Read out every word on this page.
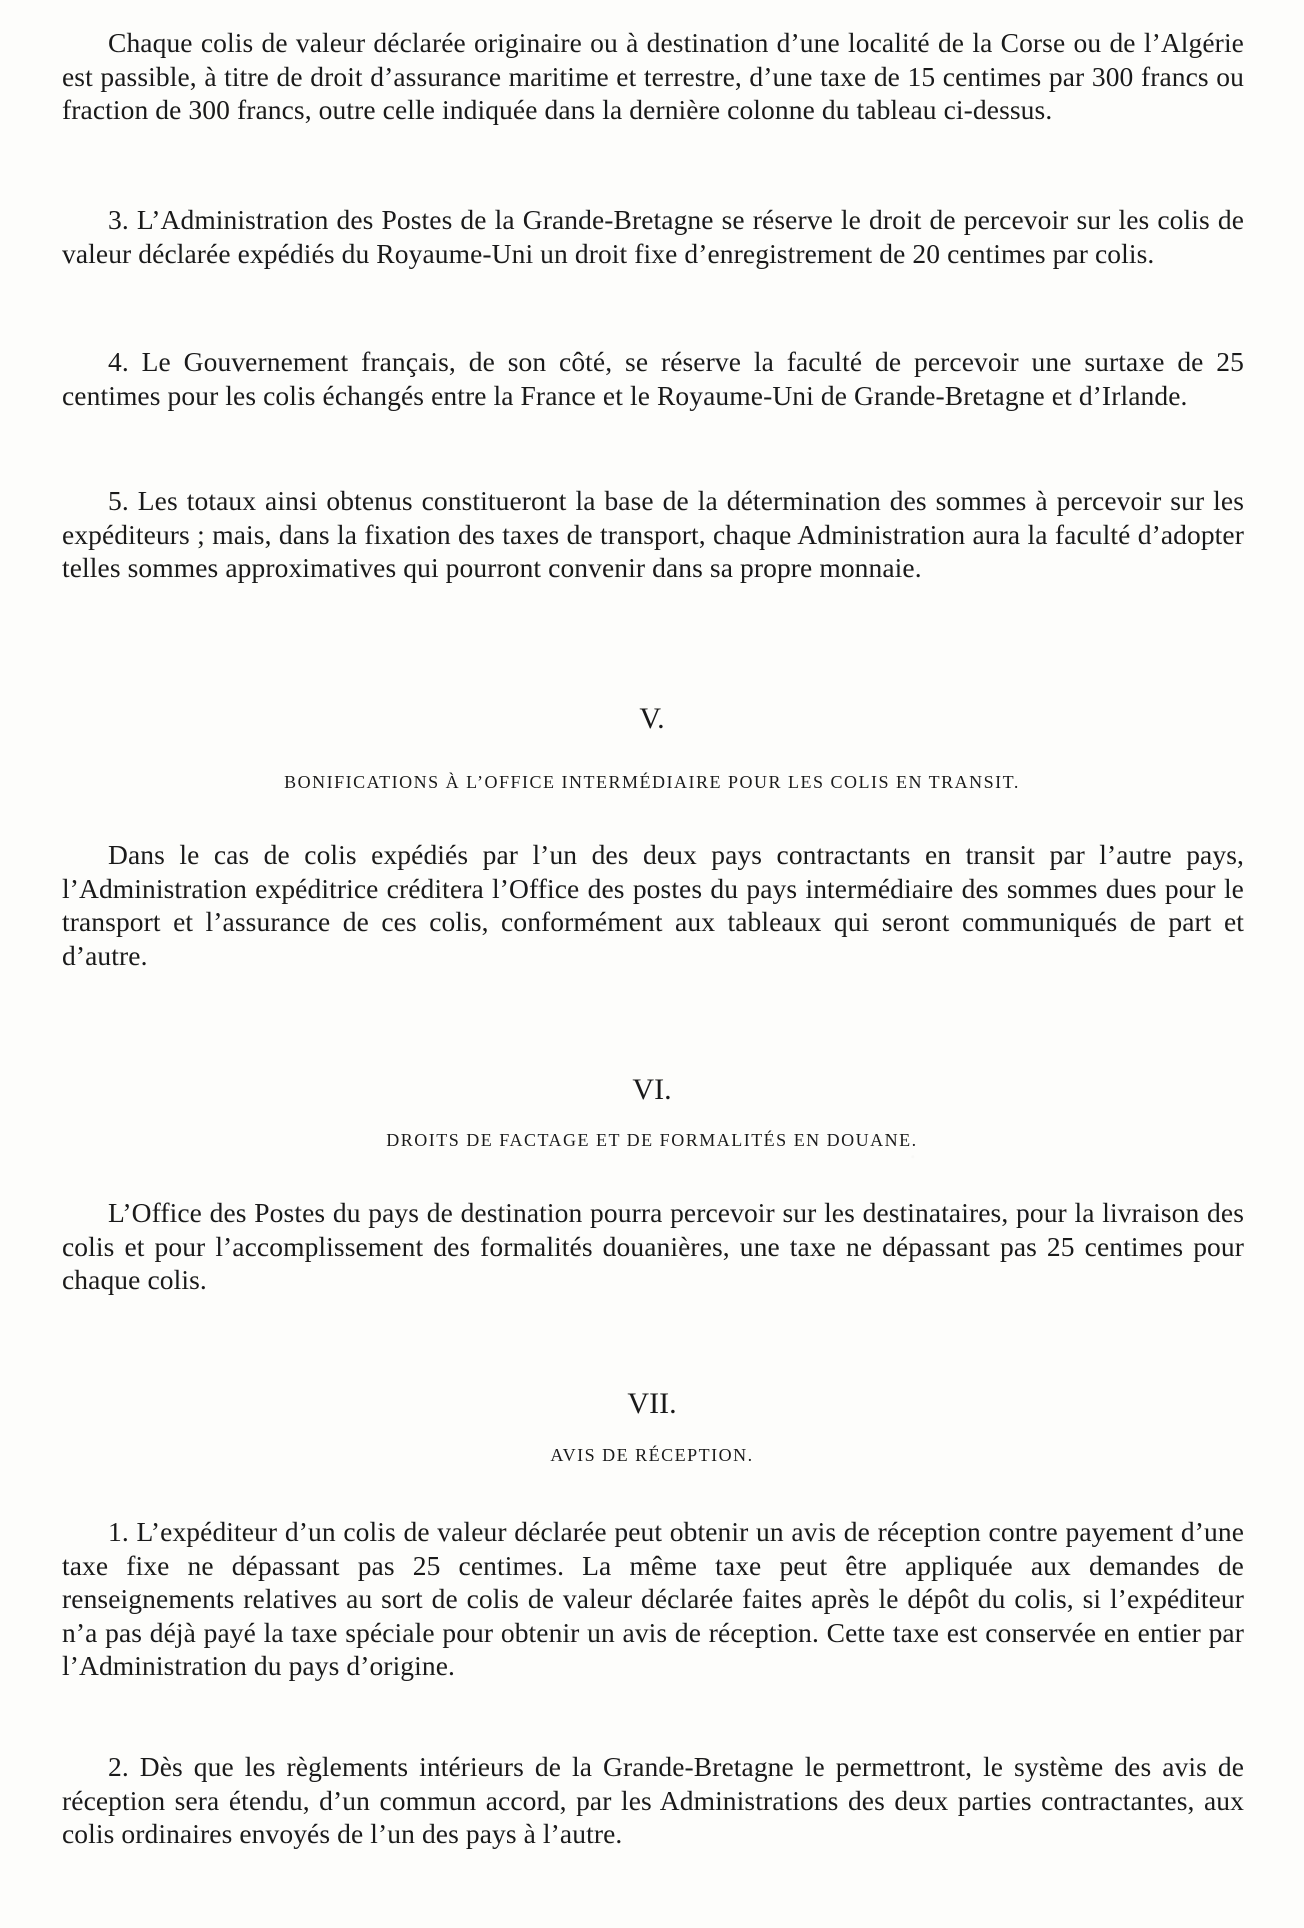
Chaque colis de valeur déclarée originaire ou à destination d’une localité de la Corse ou de l’Algérie est passible, à titre de droit d’assurance maritime et terrestre, d’une taxe de 15 centimes par 300 francs ou fraction de 300 francs, outre celle indiquée dans la dernière colonne du tableau ci-dessus.

3. L’Administration des Postes de la Grande-Bretagne se réserve le droit de percevoir sur les colis de valeur déclarée expédiés du Royaume-Uni un droit fixe d’enregistrement de 20 centimes par colis.

4. Le Gouvernement français, de son côté, se réserve la faculté de percevoir une surtaxe de 25 centimes pour les colis échangés entre la France et le Royaume-Uni de Grande-Bretagne et d’Irlande.

5. Les totaux ainsi obtenus constitueront la base de la détermination des sommes à percevoir sur les expéditeurs ; mais, dans la fixation des taxes de transport, chaque Administration aura la faculté d’adopter telles sommes approximatives qui pourront convenir dans sa propre monnaie.

V.
BONIFICATIONS À L’OFFICE INTERMÉDIAIRE POUR LES COLIS EN TRANSIT.

Dans le cas de colis expédiés par l’un des deux pays contractants en transit par l’autre pays, l’Administration expéditrice créditera l’Office des postes du pays intermédiaire des sommes dues pour le transport et l’assurance de ces colis, conformément aux tableaux qui seront communiqués de part et d’autre.

VI.
DROITS DE FACTAGE ET DE FORMALITÉS EN DOUANE.

L’Office des Postes du pays de destination pourra percevoir sur les destinataires, pour la livraison des colis et pour l’accomplissement des formalités douanières, une taxe ne dépassant pas 25 centimes pour chaque colis.

VII.
AVIS DE RÉCEPTION.

1. L’expéditeur d’un colis de valeur déclarée peut obtenir un avis de réception contre payement d’une taxe fixe ne dépassant pas 25 centimes. La même taxe peut être appliquée aux demandes de renseignements relatives au sort de colis de valeur déclarée faites après le dépôt du colis, si l’expéditeur n’a pas déjà payé la taxe spéciale pour obtenir un avis de réception. Cette taxe est conservée en entier par l’Administration du pays d’origine.

2. Dès que les règlements intérieurs de la Grande-Bretagne le permettront, le système des avis de réception sera étendu, d’un commun accord, par les Administrations des deux parties contractantes, aux colis ordinaires envoyés de l’un des pays à l’autre.
